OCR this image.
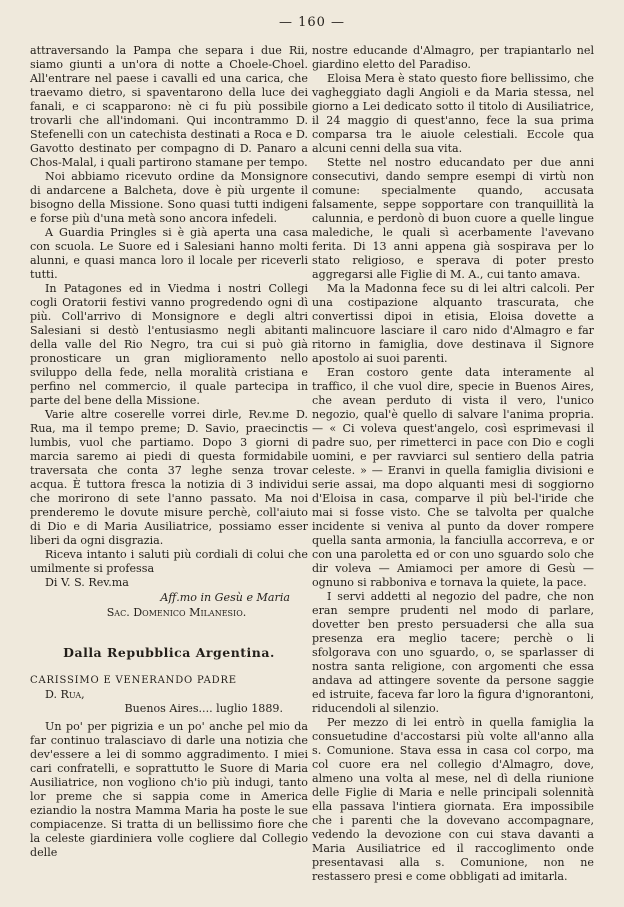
— 160 —

attraversando la Pampa che separa i due Rii, siamo giunti a un'ora di notte a Choele-Choel. All'entrare nel paese i cavalli ed una carica, che traevamo dietro, si spaventarono della luce dei fanali, e ci scapparono: nè ci fu più possibile trovarli che all'indomani. Qui incontrammo D. Stefenelli con un catechista destinati a Roca e D. Gavotto destinato per compagno di D. Panaro a Chos-Malal, i quali partirono stamane per tempo.

Noi abbiamo ricevuto ordine da Monsignore di andarcene a Balcheta, dove è più urgente il bisogno della Missione. Sono quasi tutti indigeni e forse più d'una metà sono ancora infedeli.

A Guardia Pringles si è già aperta una casa con scuola. Le Suore ed i Salesiani hanno molti alunni, e quasi manca loro il locale per riceverli tutti.

In Patagones ed in Viedma i nostri Collegi cogli Oratorii festivi vanno progredendo ogni dì più. Coll'arrivo di Monsignore e degli altri Salesiani si destò l'entusiasmo negli abitanti della valle del Rio Negro, tra cui si può già pronosticare un gran miglioramento nello sviluppo della fede, nella moralità cristiana e perfino nel commercio, il quale partecipa in parte del bene della Missione.

Varie altre coserelle vorrei dirle, Rev.me D. Rua, ma il tempo preme; D. Savio, praecinctis lumbis, vuol che partiamo. Dopo 3 giorni di marcia saremo ai piedi di questa formidabile traversata che conta 37 leghe senza trovar acqua. È tuttora fresca la notizia di 3 individui che morirono di sete l'anno passato. Ma noi prenderemo le dovute misure perchè, coll'aiuto di Dio e di Maria Ausiliatrice, possiamo esser liberi da ogni disgrazia.

Riceva intanto i saluti più cordiali di colui che umilmente si professa

Di V. S. Rev.ma

Aff.mo in Gesù e Maria

Sac. Domenico Milanesio.

Dalla Repubblica Argentina.

CARISSIMO E VENERANDO PADRE

D. Rua,

Buenos Aires.... luglio 1889.

Un po' per pigrizia e un po' anche pel mio da far continuo tralasciavo di darle una notizia che dev'essere a lei di sommo aggradimento. I miei cari confratelli, e soprattutto le Suore di Maria Ausiliatrice, non vogliono ch'io più indugi, tanto lor preme che si sappia come in America eziandio la nostra Mamma Maria ha poste le sue compiacenze. Si tratta di un bellissimo fiore che la celeste giardiniera volle cogliere dal Collegio delle

nostre educande d'Almagro, per trapiantarlo nel giardino eletto del Paradiso.

Eloisa Mera è stato questo fiore bellissimo, che vagheggiato dagli Angioli e da Maria stessa, nel giorno a Lei dedicato sotto il titolo di Ausiliatrice, il 24 maggio di quest'anno, fece la sua prima comparsa tra le aiuole celestiali. Eccole qua alcuni cenni della sua vita.

Stette nel nostro educandato per due anni consecutivi, dando sempre esempi di virtù non comune: specialmente quando, accusata falsamente, seppe sopportare con tranquillità la calunnia, e perdonò di buon cuore a quelle lingue malediche, le quali sì acerbamente l'avevano ferita. Di 13 anni appena già sospirava per lo stato religioso, e sperava di poter presto aggregarsi alle Figlie di M. A., cui tanto amava.

Ma la Madonna fece su di lei altri calcoli. Per una costipazione alquanto trascurata, che convertissi dipoi in etisia, Eloisa dovette a malincuore lasciare il caro nido d'Almagro e far ritorno in famiglia, dove destinava il Signore apostolo ai suoi parenti.

Eran costoro gente data interamente al traffico, il che vuol dire, specie in Buenos Aires, che avean perduto di vista il vero, l'unico negozio, qual'è quello di salvare l'anima propria. — « Ci voleva quest'angelo, così esprimevasi il padre suo, per rimetterci in pace con Dio e cogli uomini, e per ravviarci sul sentiero della patria celeste. » — Eranvi in quella famiglia divisioni e serie assai, ma dopo alquanti mesi di soggiorno d'Eloisa in casa, comparve il più bel-l'iride che mai si fosse visto. Che se talvolta per qualche incidente si veniva al punto da dover rompere quella santa armonia, la fanciulla accorreva, e or con una paroletta ed or con uno sguardo solo che dir voleva — Amiamoci per amore di Gesù — ognuno si rabboniva e tornava la quiete, la pace.

I servi addetti al negozio del padre, che non eran sempre prudenti nel modo di parlare, dovetter ben presto persuadersi che alla sua presenza era meglio tacere; perchè o li sfolgorava con uno sguardo, o, se sparlasser di nostra santa religione, con argomenti che essa andava ad attingere sovente da persone saggie ed istruite, faceva far loro la figura d'ignorantoni, riducendoli al silenzio.

Per mezzo di lei entrò in quella famiglia la consuetudine d'accostarsi più volte all'anno alla s. Comunione. Stava essa in casa col corpo, ma col cuore era nel collegio d'Almagro, dove, almeno una volta al mese, nel dì della riunione delle Figlie di Maria e nelle principali solennità ella passava l'intiera giornata. Era impossibile che i parenti che la dovevano accompagnare, vedendo la devozione con cui stava davanti a Maria Ausiliatrice ed il raccoglimento onde presentavasi alla s. Comunione, non ne restassero presi e come obbligati ad imitarla.
